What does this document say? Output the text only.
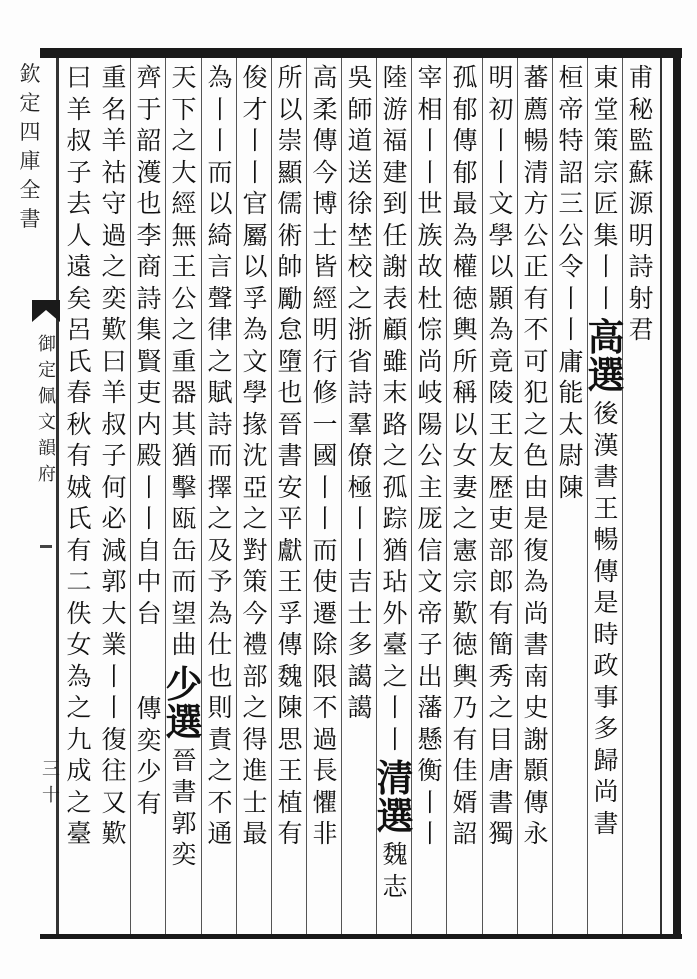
欽
定
四
庫
全
書
御
定
佩
文
韻
府
三十
甫
秘
監
蘇
源
明
詩
射
君
東
堂
策
宗
匠
集
丨
丨
高
選
後
漢
書
王
暢
傳
是
時
政
事
多
歸
尚
書
桓
帝
特
詔
三
公
令
丨
丨
庸
能
太
尉
陳
蕃
薦
暢
清
方
公
正
有
不
可
犯
之
色
由
是
復
為
尚
書
南
史
謝
顥
傳
永
明
初
丨
丨
文
學
以
顥
為
竟
陵
王
友
歴
吏
部
郎
有
簡
秀
之
目
唐
書
獨
孤
郁
傳
郁
最
為
權
徳
輿
所
稱
以
女
妻
之
憲
宗
歎
徳
輿
乃
有
佳
婿
詔
宰
相
丨
丨
世
族
故
杜
悰
尚
岐
陽
公
主
厐
信
文
帝
子
出
藩
懸
衡
丨
丨
陸
游
福
建
到
任
謝
表
顧
雖
末
路
之
孤
踪
猶
玷
外
臺
之
丨
丨
清
選
魏
志
吳
師
道
送
徐
埜
校
之
浙
省
詩
羣
僚
極
丨
丨
吉
士
多
譪
譪
高
柔
傳
今
博
士
皆
經
明
行
修
一
國
丨
丨
而
使
遷
除
限
不
過
長
懼
非
所
以
崇
顯
儒
術
帥
勵
怠
墮
也
晉
書
安
平
獻
王
孚
傳
魏
陳
思
王
植
有
俊
才
丨
丨
官
屬
以
孚
為
文
學
掾
沈
亞
之
對
策
今
禮
部
之
得
進
士
最
為
丨
丨
而
以
綺
言
聲
律
之
賦
詩
而
擇
之
及
予
為
仕
也
則
責
之
不
通
天
下
之
大
經
無
王
公
之
重
器
其
猶
擊
瓯
缶
而
望
曲
少
選
晉
書
郭
奕
齊
于
韶
濩
也
李
商
詩
集
賢
吏
内
殿
丨
丨
自
中
台
傳
奕
少
有
重
名
羊
祜
守
過
之
奕
歎
曰
羊
叔
子
何
必
減
郭
大
業
丨
丨
復
往
又
歎
曰
羊
叔
子
去
人
遠
矣
呂
氏
春
秋
有
娀
氏
有
二
佚
女
為
之
九
成
之
臺
